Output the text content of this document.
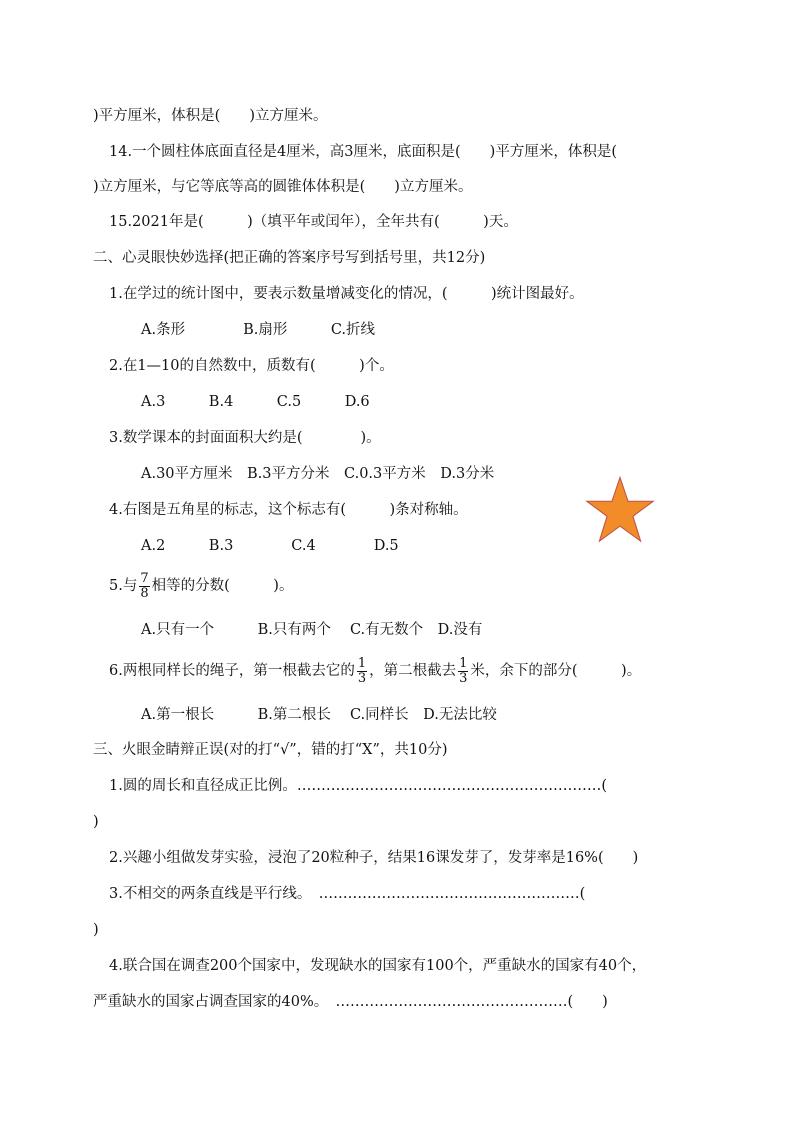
)平方厘米，体积是(　　)立方厘米。
14.一个圆柱体底面直径是4厘米，高3厘米，底面积是(　　)平方厘米，体积是(
)立方厘米，与它等底等高的圆锥体体积是(　　)立方厘米。
15.2021年是(　　　)（填平年或闰年），全年共有(　　　)天。
二、心灵眼快妙选择(把正确的答案序号写到括号里，共12分)
1.在学过的统计图中，要表示数量增减变化的情况，(　　　)统计图最好。
A.条形　　　　B.扇形　　　C.折线
2.在1—10的自然数中，质数有(　　　)个。
A.3　　　B.4　　　C.5　　　D.6
3.数学课本的封面面积大约是(　　　　)。
A.30平方厘米　B.3平方分米　C.0.3平方米　D.3分米
4.右图是五角星的标志，这个标志有(　　　)条对称轴。
A.2　　　B.3　　　　C.4　　　　D.5
5.与 $\frac{7}{8}$ 相等的分数(　　　)。
A.只有一个　　　B.只有两个　 C.有无数个　D.没有
6.两根同样长的绳子，第一根截去它的 $\frac{1}{3}$ ，第二根截去 $\frac{1}{3}$ 米，余下的部分(　　　)。
A.第一根长　　　B.第二根长　 C.同样长　D.无法比较
三、火眼金睛辩正误(对的打“√”，错的打“X”，共10分)
1.圆的周长和直径成正比例。………………………………………………………(
)
2.兴趣小组做发芽实验，浸泡了20粒种子，结果16课发芽了，发芽率是16%(　　)
3.不相交的两条直线是平行线。　………………………………………………(
)
4.联合国在调查200个国家中，发现缺水的国家有100个，严重缺水的国家有40个，
严重缺水的国家占调查国家的40%。　…………………………………………(　　)
